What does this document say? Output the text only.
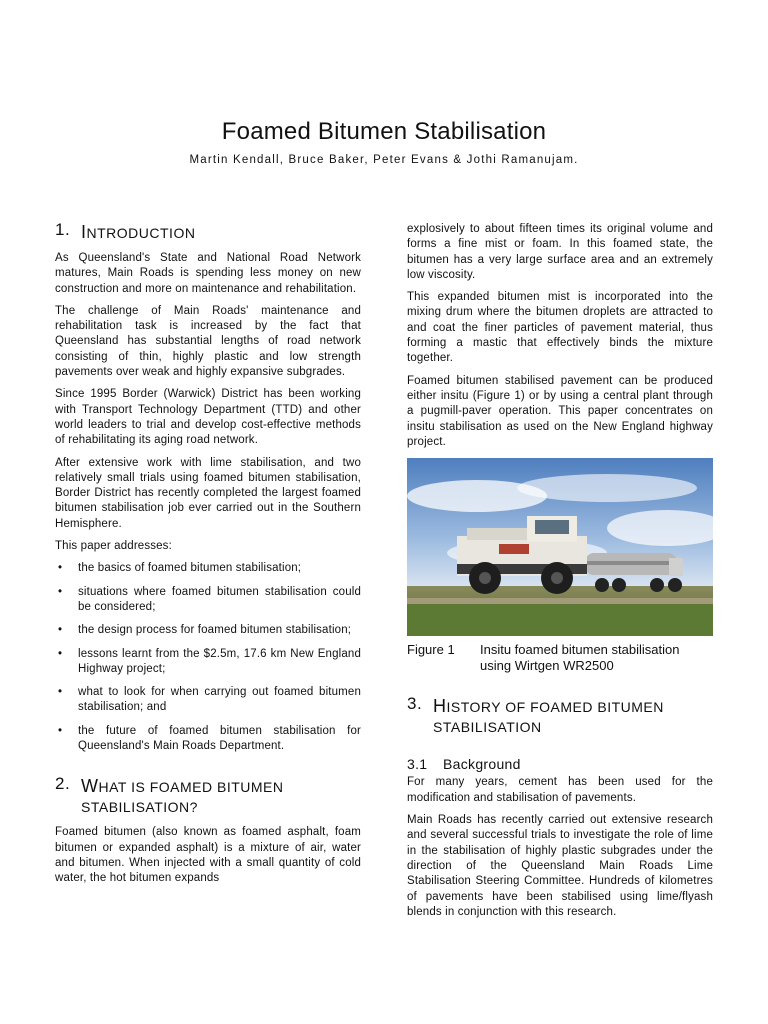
Foamed Bitumen Stabilisation

Martin Kendall, Bruce Baker, Peter Evans & Jothi Ramanujam.

1. INTRODUCTION

As Queensland's State and National Road Network matures, Main Roads is spending less money on new construction and more on maintenance and rehabilitation.

The challenge of Main Roads' maintenance and rehabilitation task is increased by the fact that Queensland has substantial lengths of road network consisting of thin, highly plastic and low strength pavements over weak and highly expansive subgrades.

Since 1995 Border (Warwick) District has been working with Transport Technology Department (TTD) and other world leaders to trial and develop cost-effective methods of rehabilitating its aging road network.

After extensive work with lime stabilisation, and two relatively small trials using foamed bitumen stabilisation, Border District has recently completed the largest foamed bitumen stabilisation job ever carried out in the Southern Hemisphere.

This paper addresses:

• the basics of foamed bitumen stabilisation;
• situations where foamed bitumen stabilisation could be considered;
• the design process for foamed bitumen stabilisation;
• lessons learnt from the $2.5m, 17.6 km New England Highway project;
• what to look for when carrying out foamed bitumen stabilisation; and
• the future of foamed bitumen stabilisation for Queensland's Main Roads Department.
2. WHAT IS FOAMED BITUMEN STABILISATION?

Foamed bitumen (also known as foamed asphalt, foam bitumen or expanded asphalt) is a mixture of air, water and bitumen. When injected with a small quantity of cold water, the hot bitumen expands

explosively to about fifteen times its original volume and forms a fine mist or foam. In this foamed state, the bitumen has a very large surface area and an extremely low viscosity.

This expanded bitumen mist is incorporated into the mixing drum where the bitumen droplets are attracted to and coat the finer particles of pavement material, thus forming a mastic that effectively binds the mixture together.

Foamed bitumen stabilised pavement can be produced either insitu (Figure 1) or by using a central plant through a pugmill-paver operation. This paper concentrates on insitu stabilisation as used on the New England highway project.

Figure 1	Insitu foamed bitumen stabilisation using Wirtgen WR2500
3. HISTORY OF FOAMED BITUMEN STABILISATION
3.1	Background

For many years, cement has been used for the modification and stabilisation of pavements.

Main Roads has recently carried out extensive research and several successful trials to investigate the role of lime in the stabilisation of highly plastic subgrades under the direction of the Queensland Main Roads Lime Stabilisation Steering Committee. Hundreds of kilometres of pavements have been stabilised using lime/flyash blends in conjunction with this research.
